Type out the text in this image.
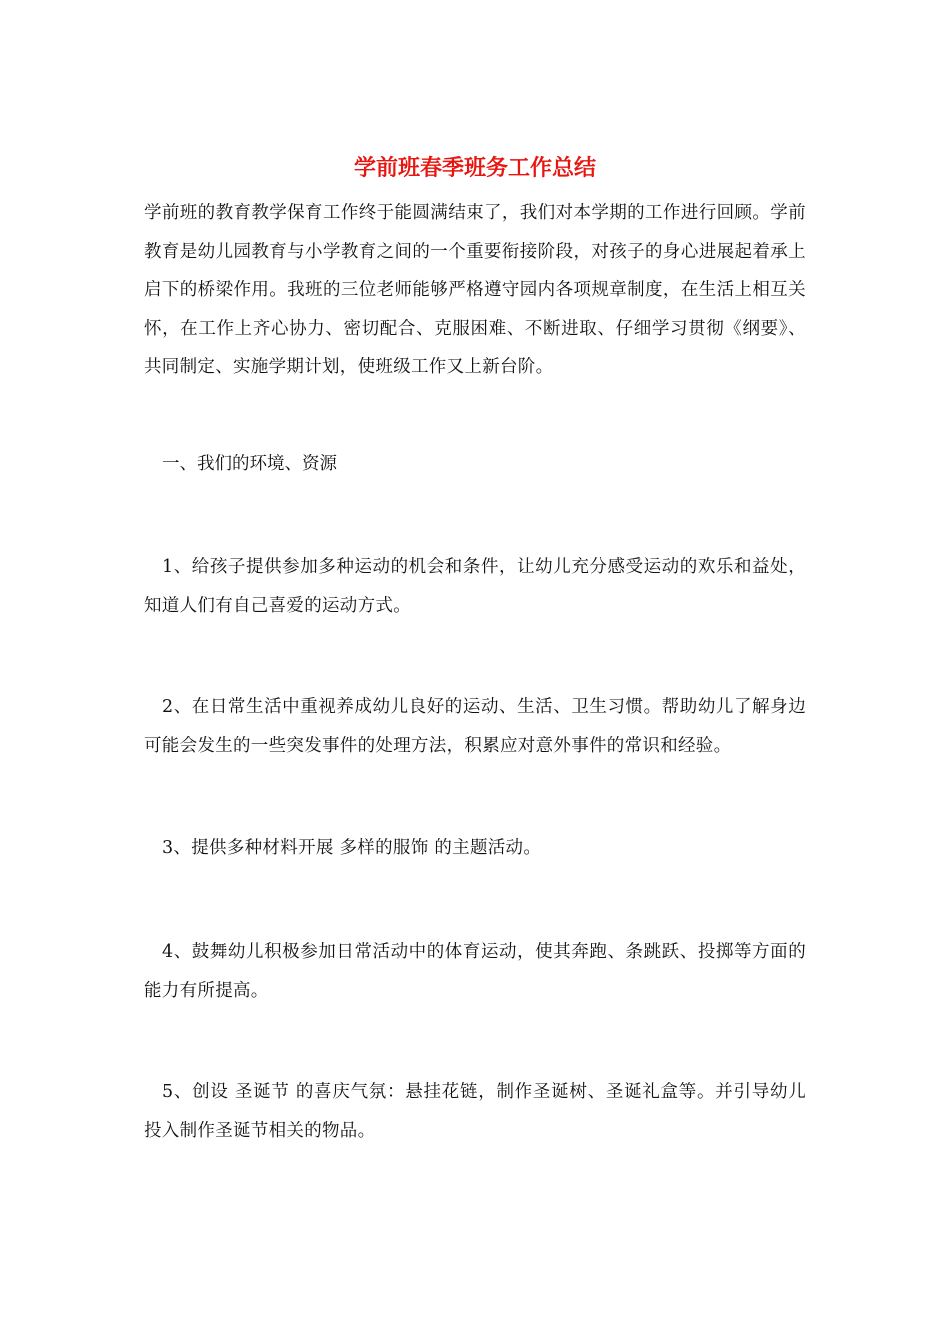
学前班春季班务工作总结

学前班的教育教学保育工作终于能圆满结束了，我们对本学期的工作进行回顾。学前教育是幼儿园教育与小学教育之间的一个重要衔接阶段，对孩子的身心进展起着承上启下的桥梁作用。我班的三位老师能够严格遵守园内各项规章制度，在生活上相互关怀，在工作上齐心协力、密切配合、克服困难、不断进取、仔细学习贯彻《纲要》、共同制定、实施学期计划，使班级工作又上新台阶。

一、我们的环境、资源

1、给孩子提供参加多种运动的机会和条件，让幼儿充分感受运动的欢乐和益处，知道人们有自己喜爱的运动方式。

2、在日常生活中重视养成幼儿良好的运动、生活、卫生习惯。帮助幼儿了解身边可能会发生的一些突发事件的处理方法，积累应对意外事件的常识和经验。

3、提供多种材料开展 多样的服饰 的主题活动。

4、鼓舞幼儿积极参加日常活动中的体育运动，使其奔跑、条跳跃、投掷等方面的能力有所提高。

5、创设 圣诞节 的喜庆气氛：悬挂花链，制作圣诞树、圣诞礼盒等。并引导幼儿投入制作圣诞节相关的物品。
